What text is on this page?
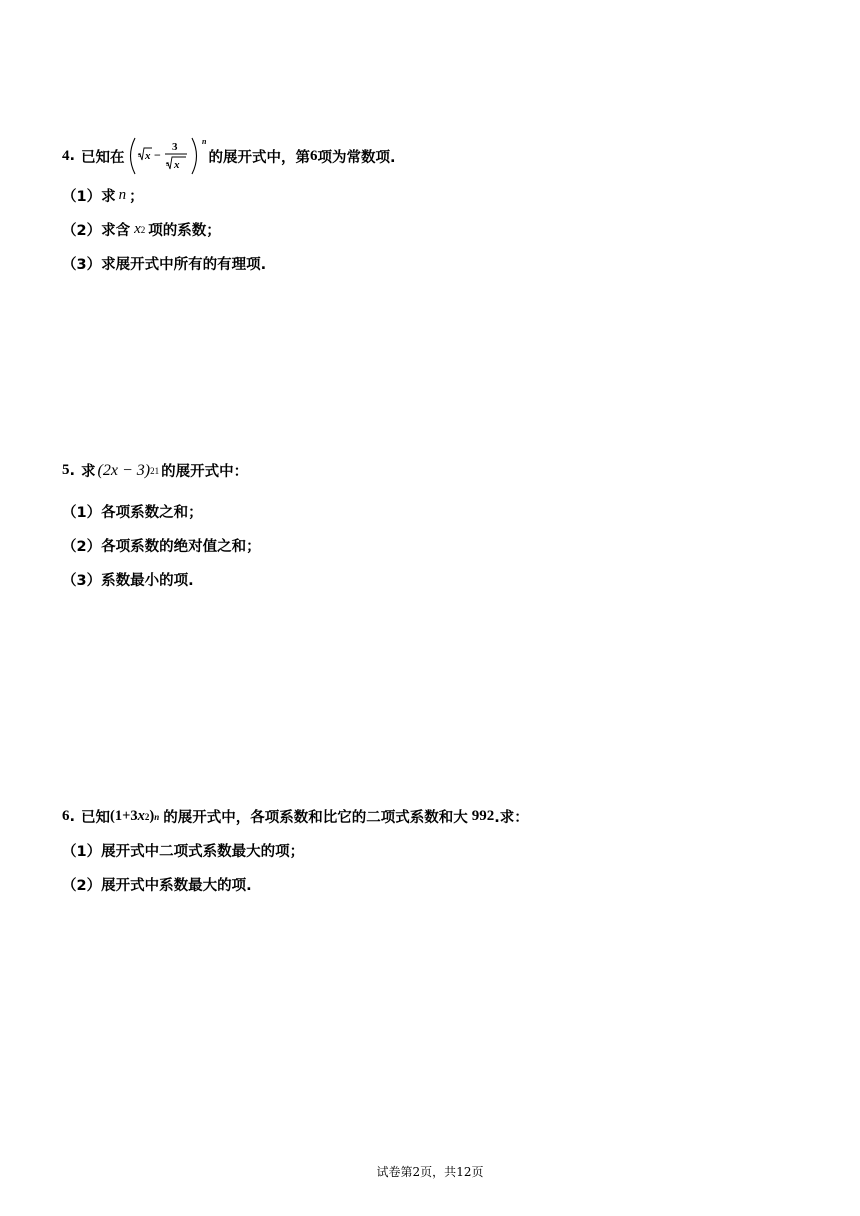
4 . 已知在 3 x −
3
3 x
n
的展开式中，第 6 项为常数项.
（1） 求 n ；
（2） 求含 x 2 项的系数；
（3） 求展开式中所有的有理项.
5 . 求 (2x − 3) 21 的展开式中：
（1） 各项系数之和；
（2） 各项系数的绝对值之和；
（3） 系数最小的项.
6 . 已知 (1+3 x 2 ) n 的展开式中，各项系数和比它的二项式系数和大 992 .求：
（1） 展开式中二项式系数最大的项；
（2） 展开式中系数最大的项.
试卷第2页，共12页
